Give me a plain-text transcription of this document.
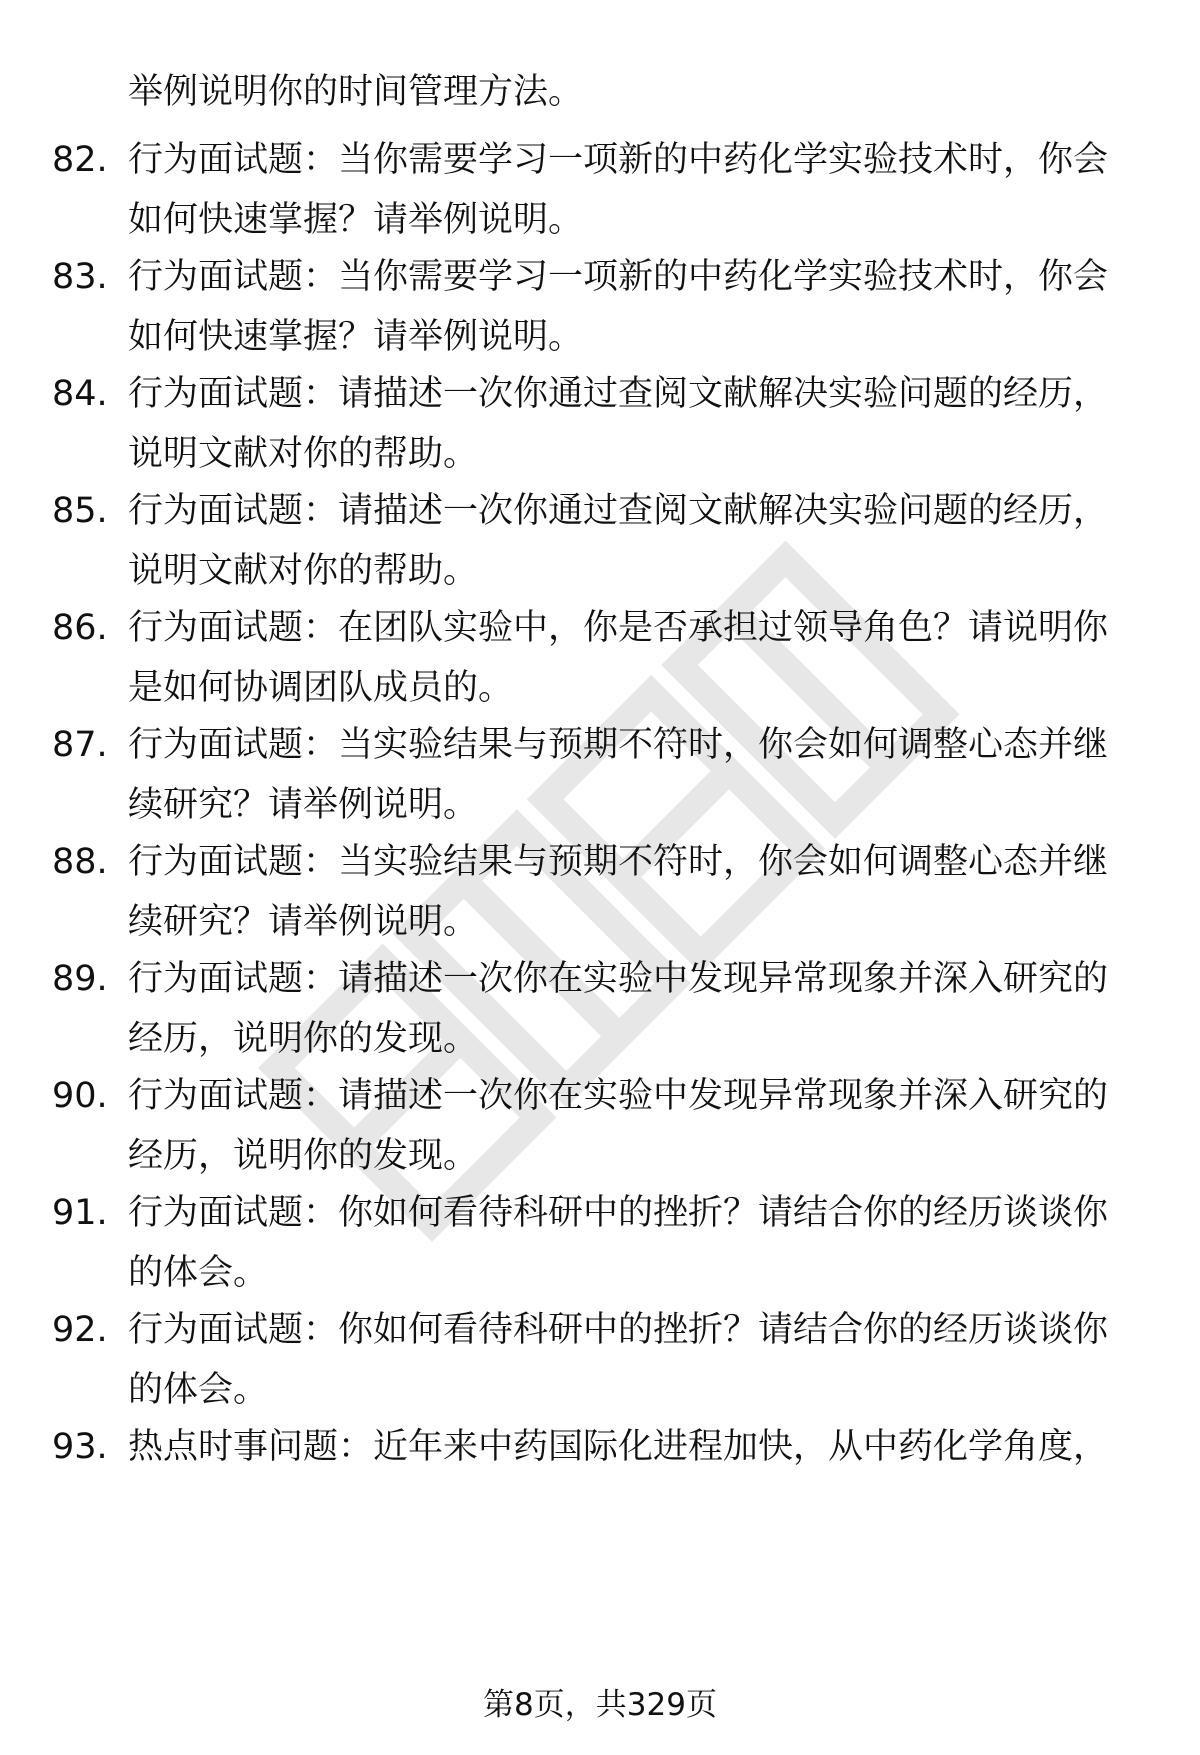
举例说明你的时间管理方法。
82. 行为面试题：当你需要学习一项新的中药化学实验技术时，你会
如何快速掌握？请举例说明。
83. 行为面试题：当你需要学习一项新的中药化学实验技术时，你会
如何快速掌握？请举例说明。
84. 行为面试题：请描述一次你通过查阅文献解决实验问题的经历，
说明文献对你的帮助。
85. 行为面试题：请描述一次你通过查阅文献解决实验问题的经历，
说明文献对你的帮助。
86. 行为面试题：在团队实验中，你是否承担过领导角色？请说明你
是如何协调团队成员的。
87. 行为面试题：当实验结果与预期不符时，你会如何调整心态并继
续研究？请举例说明。
88. 行为面试题：当实验结果与预期不符时，你会如何调整心态并继
续研究？请举例说明。
89. 行为面试题：请描述一次你在实验中发现异常现象并深入研究的
经历，说明你的发现。
90. 行为面试题：请描述一次你在实验中发现异常现象并深入研究的
经历，说明你的发现。
91. 行为面试题：你如何看待科研中的挫折？请结合你的经历谈谈你
的体会。
92. 行为面试题：你如何看待科研中的挫折？请结合你的经历谈谈你
的体会。
93. 热点时事问题：近年来中药国际化进程加快，从中药化学角度，
第8页，共329页
